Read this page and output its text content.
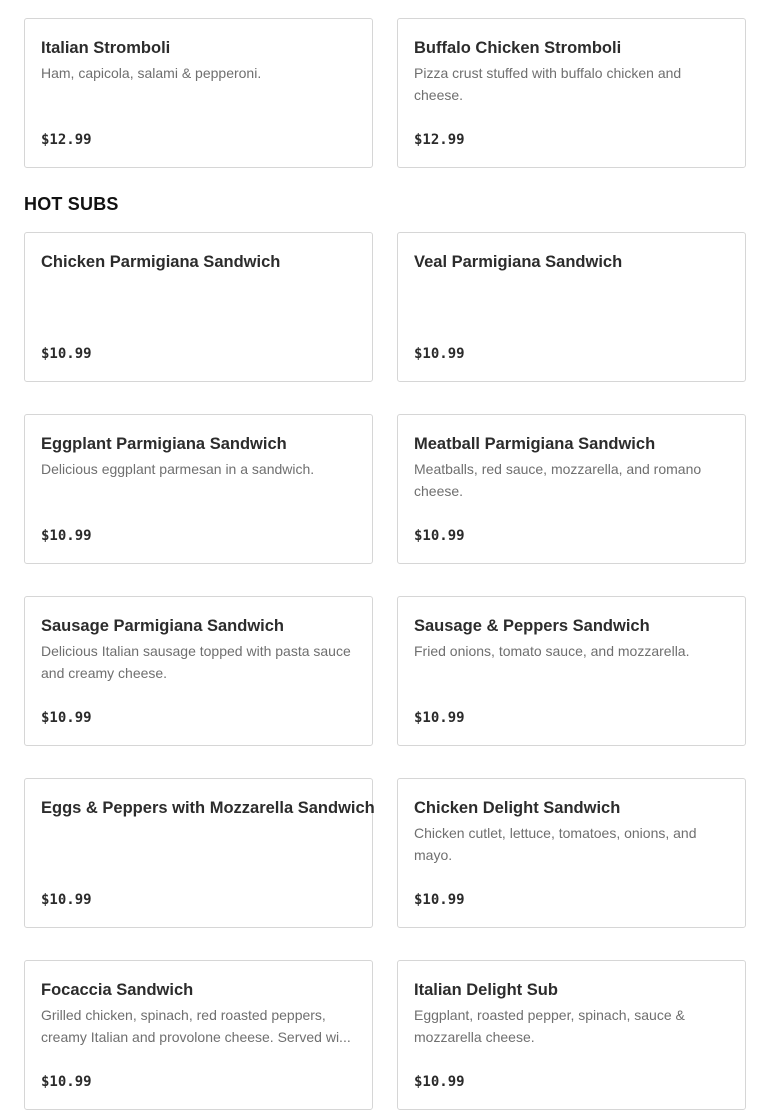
Italian Stromboli

Ham, capicola, salami & pepperoni.

$12.99

Buffalo Chicken Stromboli

Pizza crust stuffed with buffalo chicken and cheese.

$12.99
HOT SUBS

Chicken Parmigiana Sandwich

$10.99

Veal Parmigiana Sandwich

$10.99

Eggplant Parmigiana Sandwich

Delicious eggplant parmesan in a sandwich.

$10.99

Meatball Parmigiana Sandwich

Meatballs, red sauce, mozzarella, and romano cheese.

$10.99

Sausage Parmigiana Sandwich

Delicious Italian sausage topped with pasta sauce and creamy cheese.

$10.99

Sausage & Peppers Sandwich

Fried onions, tomato sauce, and mozzarella.

$10.99

Eggs & Peppers with Mozzarella Sandwich

$10.99

Chicken Delight Sandwich

Chicken cutlet, lettuce, tomatoes, onions, and mayo.

$10.99

Focaccia Sandwich

Grilled chicken, spinach, red roasted peppers, creamy Italian and provolone cheese. Served wi...

$10.99

Italian Delight Sub

Eggplant, roasted pepper, spinach, sauce & mozzarella cheese.

$10.99
